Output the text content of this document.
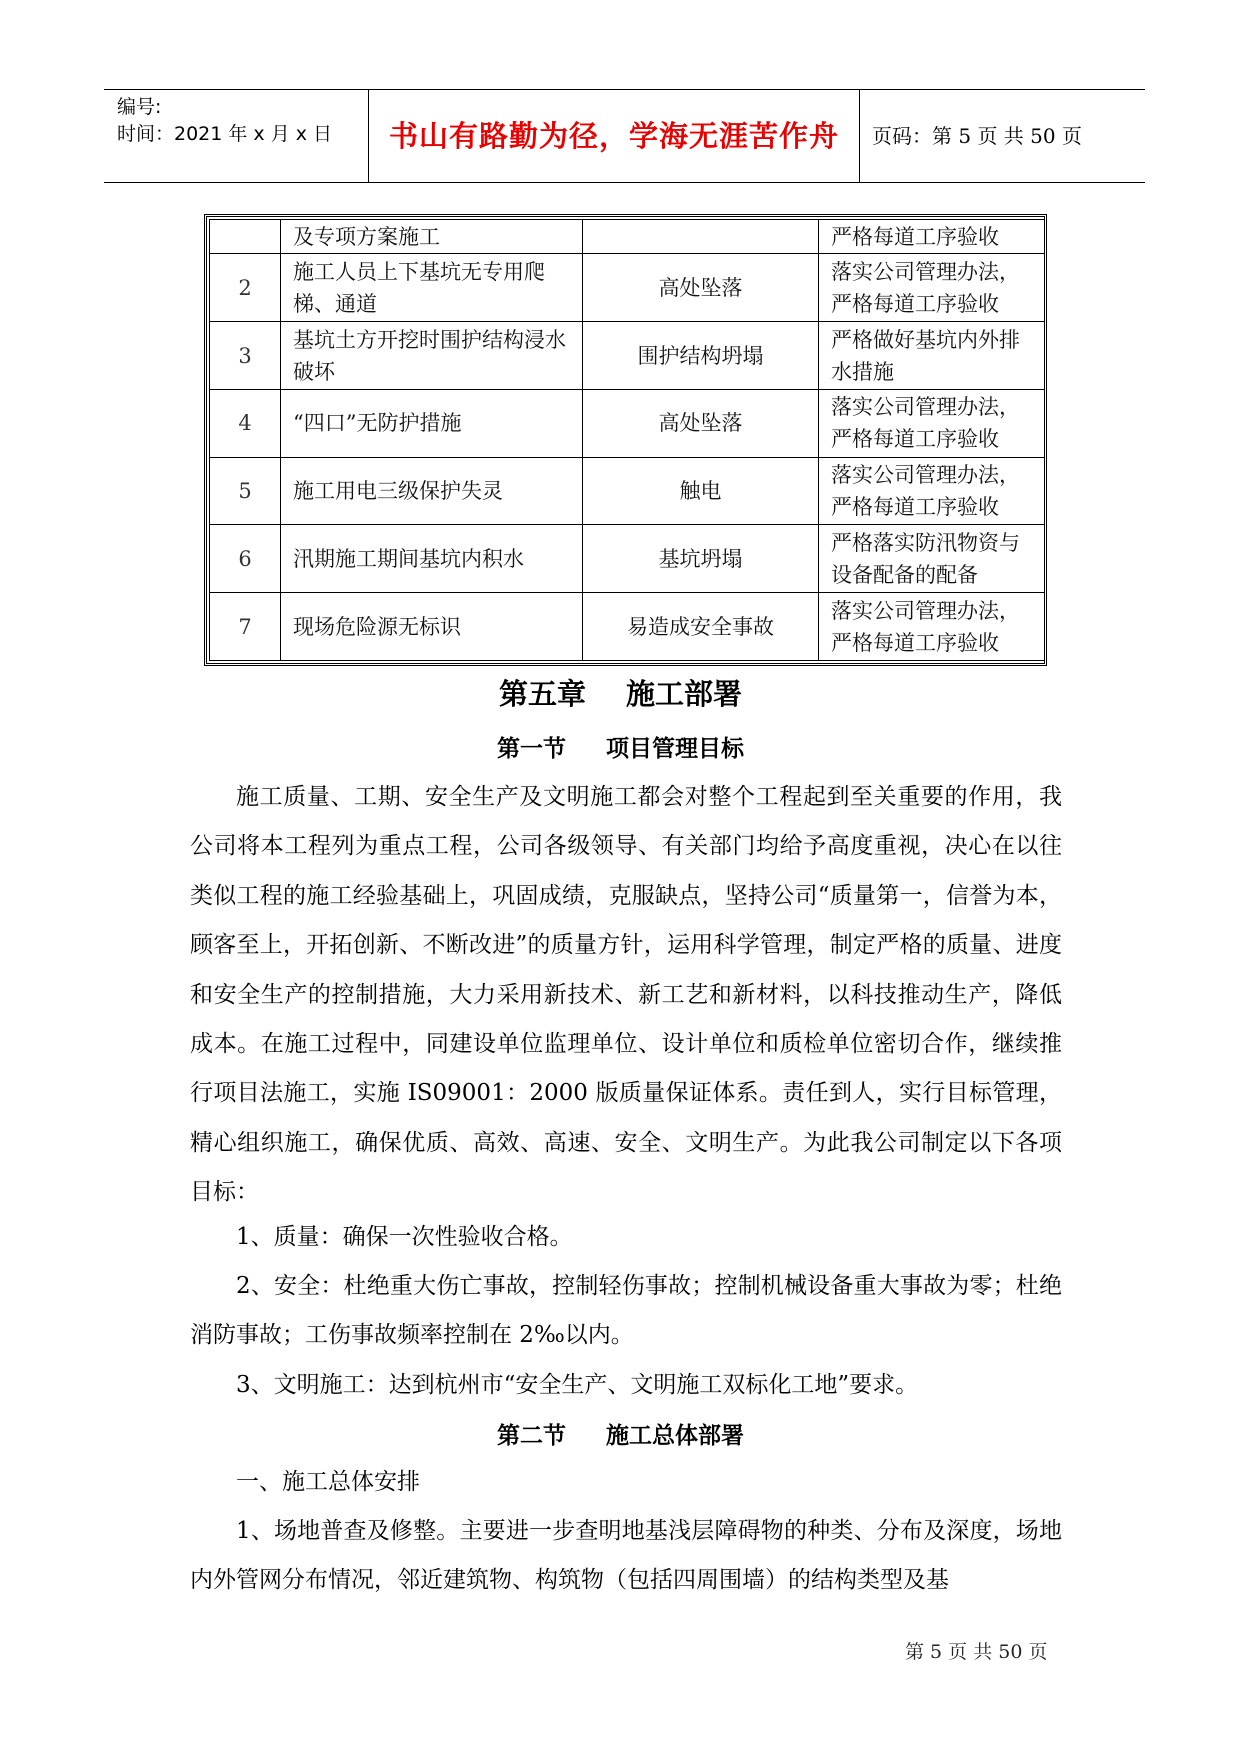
编号:
时间：2021 年 x 月 x 日	书山有路勤为径，学海无涯苦作舟	页码：第 5 页 共 50 页
	及专项方案施工		严格每道工序验收
2	施工人员上下基坑无专用爬梯、通道	高处坠落	落实公司管理办法，严格每道工序验收
3	基坑土方开挖时围护结构浸水破坏	围护结构坍塌	严格做好基坑内外排水措施
4	“四口”无防护措施	高处坠落	落实公司管理办法，严格每道工序验收
5	施工用电三级保护失灵	触电	落实公司管理办法，严格每道工序验收
6	汛期施工期间基坑内积水	基坑坍塌	严格落实防汛物资与设备配备的配备
7	现场危险源无标识	易造成安全事故	落实公司管理办法，严格每道工序验收
第五章 施工部署
第一节 项目管理目标

施工质量、工期、安全生产及文明施工都会对整个工程起到至关重要的作用，我公司将本工程列为重点工程，公司各级领导、有关部门均给予高度重视，决心在以往类似工程的施工经验基础上，巩固成绩，克服缺点，坚持公司“质量第一，信誉为本，顾客至上，开拓创新、不断改进”的质量方针，运用科学管理，制定严格的质量、进度和安全生产的控制措施，大力采用新技术、新工艺和新材料，以科技推动生产，降低成本。在施工过程中，同建设单位监理单位、设计单位和质检单位密切合作，继续推行项目法施工，实施 IS09001：2000 版质量保证体系。责任到人，实行目标管理，精心组织施工，确保优质、高效、高速、安全、文明生产。为此我公司制定以下各项目标：

1、质量：确保一次性验收合格。

2、安全：杜绝重大伤亡事故，控制轻伤事故；控制机械设备重大事故为零；杜绝消防事故；工伤事故频率控制在 2‰以内。

3、文明施工：达到杭州市“安全生产、文明施工双标化工地”要求。

第二节 施工总体部署

一、施工总体安排

1、场地普查及修整。主要进一步查明地基浅层障碍物的种类、分布及深度，场地内外管网分布情况，邻近建筑物、构筑物（包括四周围墙）的结构类型及基

第 5 页 共 50 页
